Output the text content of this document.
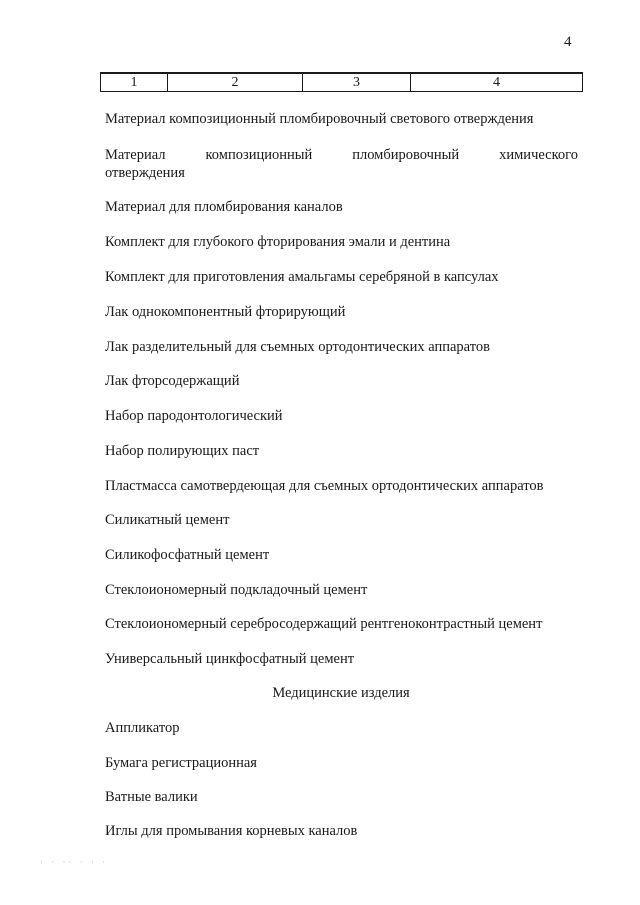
4
1	2	3	4
Материал композиционный пломбировочный светового отверждения
Материал	композиционный	пломбировочный	химического
отверждения
Материал для пломбирования каналов
Комплект для глубокого фторирования эмали и дентина
Комплект для приготовления амальгамы серебряной в капсулах
Лак однокомпонентный фторирующий
Лак разделительный для съемных ортодонтических аппаратов
Лак фторсодержащий
Набор пародонтологический
Набор полирующих паст
Пластмасса самотвердеющая для съемных ортодонтических аппаратов
Силикатный цемент
Силикофосфатный цемент
Стеклоиономерный подкладочный цемент
Стеклоиономерный серебросодержащий рентгеноконтрастный цемент
Универсальный цинкфосфатный цемент
Медицинские изделия
Аппликатор
Бумага регистрационная
Ватные валики
Иглы для промывания корневых каналов
· · ·· · · ·
